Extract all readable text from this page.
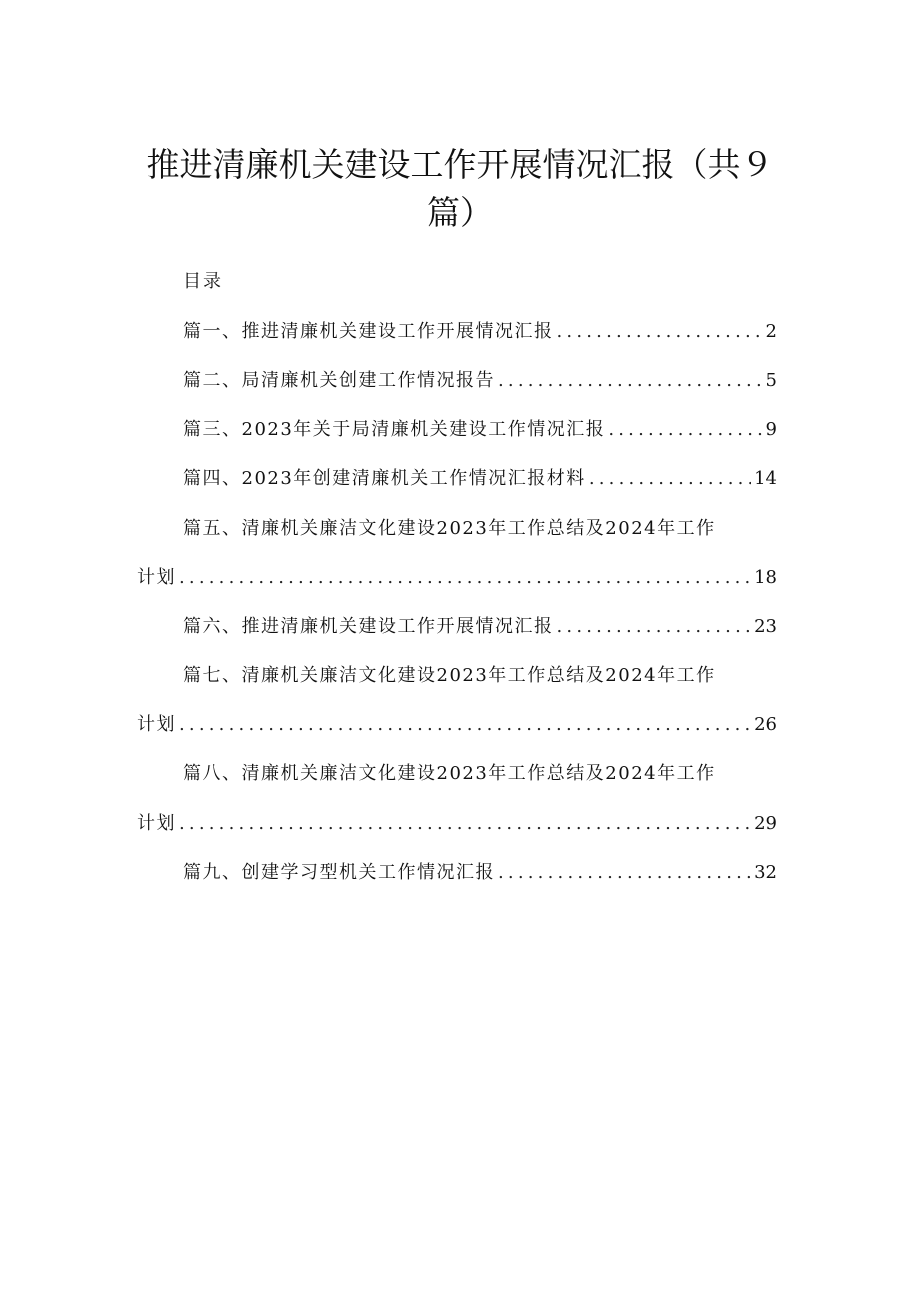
推进清廉机关建设工作开展情况汇报（共９
篇）
目录
篇一、推进清廉机关建设工作开展情况汇报 .....	2
篇二、局清廉机关创建工作情况报告 .....	5
篇三、2023年关于局清廉机关建设工作情况汇报 .....	9
篇四、2023年创建清廉机关工作情况汇报材料 .....	14
篇五、清廉机关廉洁文化建设2023年工作总结及2024年工作
计划 .....	18
篇六、推进清廉机关建设工作开展情况汇报 .....	23
篇七、清廉机关廉洁文化建设2023年工作总结及2024年工作
计划 .....	26
篇八、清廉机关廉洁文化建设2023年工作总结及2024年工作
计划 .....	29
篇九、创建学习型机关工作情况汇报 .....	32
